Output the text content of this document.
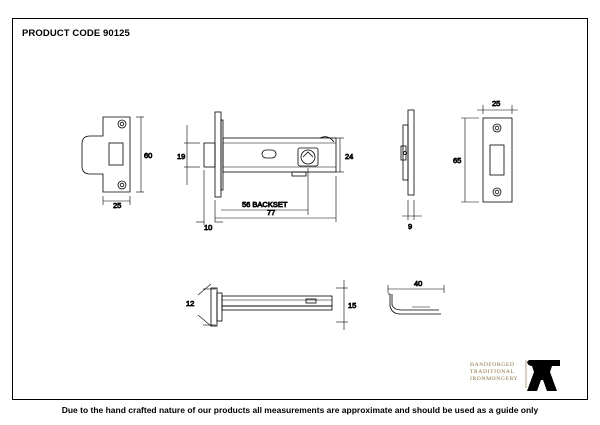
PRODUCT CODE 90125
60
25
19	24
56 BACKSET
77
10	9
25
65
12	15
40
HANDFORGED
TRADITIONAL
IRONMONGERY
Due to the hand crafted nature of our products all measurements are approximate and should be used as a guide only
